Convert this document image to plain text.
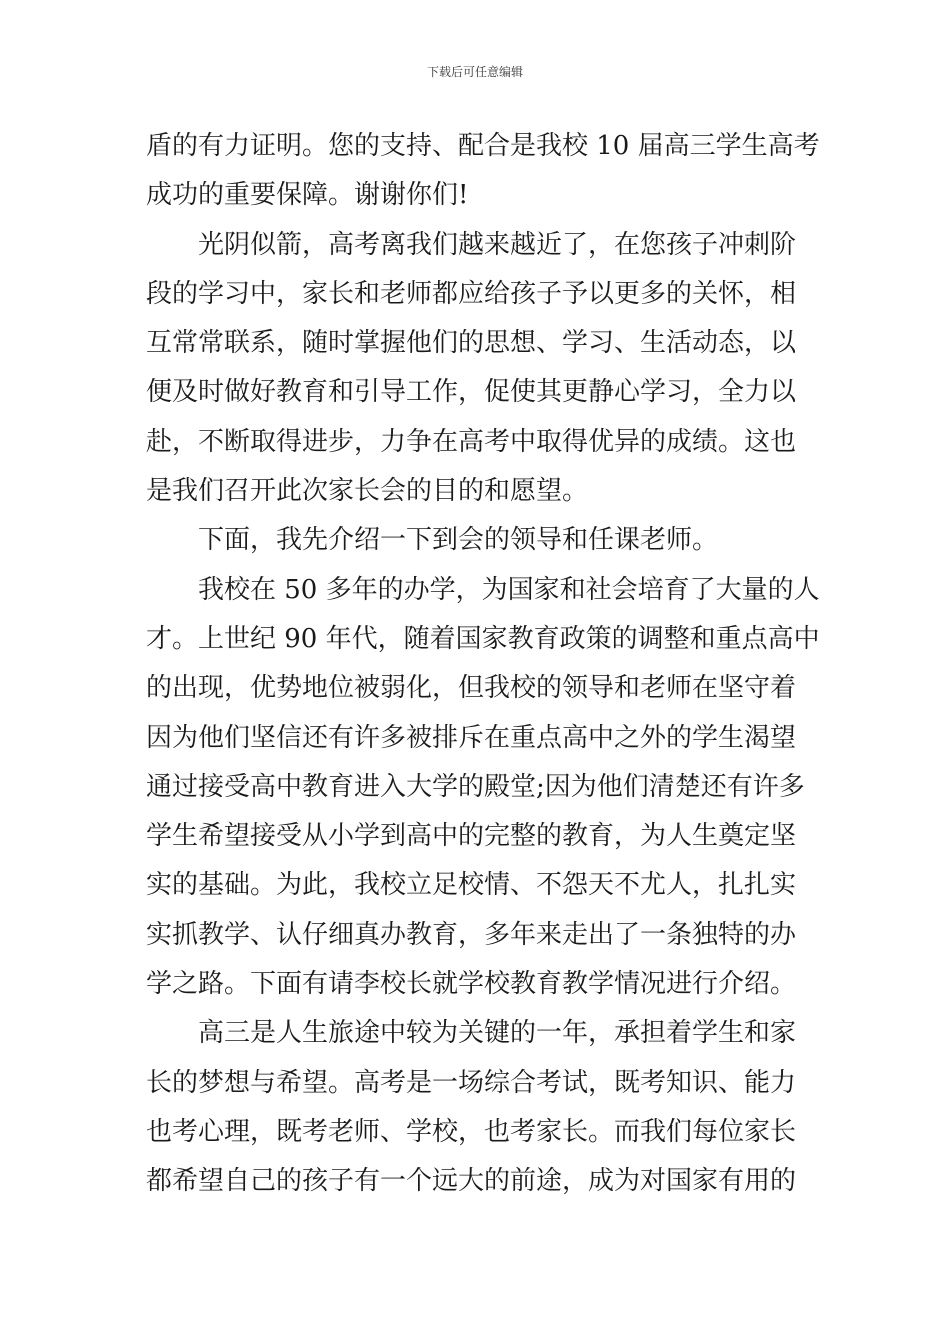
下载后可任意编辑
盾的有力证明。您的支持、配合是我校 10 届高三学生高考
成功的重要保障。谢谢你们!
光阴似箭，高考离我们越来越近了，在您孩子冲刺阶
段的学习中，家长和老师都应给孩子予以更多的关怀，相
互常常联系，随时掌握他们的思想、学习、生活动态，以
便及时做好教育和引导工作，促使其更静心学习，全力以
赴，不断取得进步，力争在高考中取得优异的成绩。这也
是我们召开此次家长会的目的和愿望。
下面，我先介绍一下到会的领导和任课老师。
我校在 50 多年的办学，为国家和社会培育了大量的人
才。上世纪 90 年代，随着国家教育政策的调整和重点高中
的出现，优势地位被弱化，但我校的领导和老师在坚守着
因为他们坚信还有许多被排斥在重点高中之外的学生渴望
通过接受高中教育进入大学的殿堂;因为他们清楚还有许多
学生希望接受从小学到高中的完整的教育，为人生奠定坚
实的基础。为此，我校立足校情、不怨天不尤人，扎扎实
实抓教学、认仔细真办教育，多年来走出了一条独特的办
学之路。下面有请李校长就学校教育教学情况进行介绍。
高三是人生旅途中较为关键的一年，承担着学生和家
长的梦想与希望。高考是一场综合考试，既考知识、能力
也考心理，既考老师、学校，也考家长。而我们每位家长
都希望自己的孩子有一个远大的前途，成为对国家有用的
